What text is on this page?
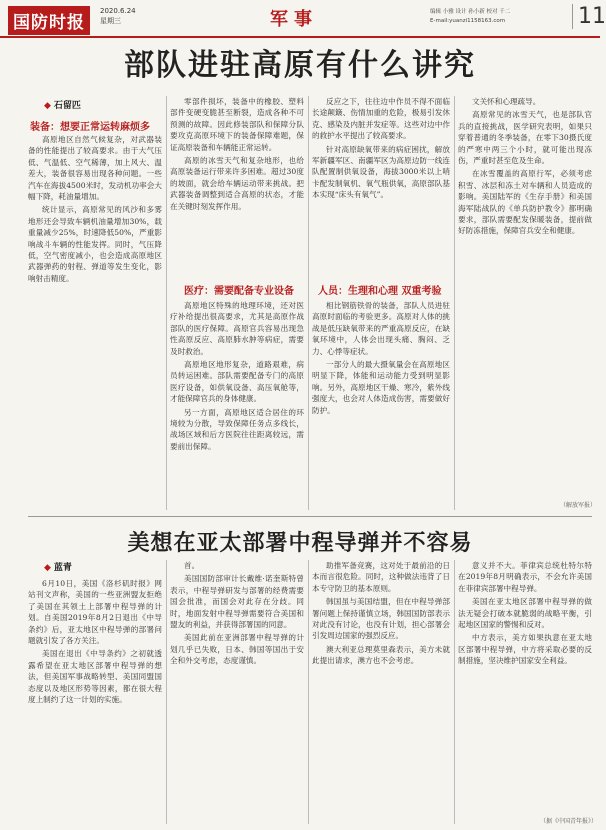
国防时报
2020.6.24
星期三	军事	编辑 小雅 设计 孙小新 校对 千二
E-mail:yuanzi1158163.com	11
部队进驻高原有什么讲究
◆ 石留匹
装备：想要正常运转麻烦多

高原地区自然气候复杂，对武器装备的性能提出了较高要求。由于大气压低、气温低、空气稀薄，加上风大、温差大，装备很容易出现各种问题。一些汽车在海拔4500米时，发动机功率会大幅下降，耗油量增加。

统计显示，高原常见的风沙和多雾地形还会导致车辆机油量增加30%，载重量减少25%，时速降低50%，严重影响战斗车辆的性能发挥。同时，气压降低，空气密度减小，也会造成高原地区武器弹药的射程、弹道等发生变化，影响射击精度。

零部件损坏，装备中的橡胶、塑料部件变硬变脆甚至断裂，造成各种不可预测的故障。因此修装部队和保障分队要攻克高原环境下的装备保障难题，保证高原装备和车辆能正常运转。

高原的冰雪天气和复杂地形，也给高原装备运行带来许多困难。超过30度的坡面，就会给车辆运动带来挑战。把武器装备调整到适合高原的状态，才能在关键时刻发挥作用。

医疗：需要配备专业设备

高原地区特殊的地理环境，还对医疗补给提出很高要求，尤其是高原作战部队的医疗保障。高原官兵容易出现急性高原反应、高原肺水肿等病症，需要及时救治。

高原地区地形复杂，道路艰难，病员转运困难。部队需要配备专门的高原医疗设备，如供氧设备、高压氧舱等，才能保障官兵的身体健康。

另一方面，高原地区适合居住的环境较为分散，导致保障任务点多线长，战场区域和后方医院往往距离较远，需要前出保障。

反应之下，往往边中作员不得不面临长途颠簸、伤情加重的危险，极易引发休克、感染及内脏并发症等。这些对边中作的救护水平提出了较高要求。

针对高原缺氧带来的病症困扰，解放军新疆军区、南疆军区为高原边防一线连队配置制供氧设备，海拔3000米以上哨卡配发制氧机、氧气瓶供氧，高原部队基本实现“床头有氧气”。

人员：生理和心理 双重考验

相比钢筋铁骨的装备，部队人员进驻高原时面临的考验更多。高原对人体的挑战是低压缺氧带来的严重高原反应，在缺氧环境中，人体会出现头痛、胸闷、乏力、心悸等症状。

一部分人的最大摄氧量会在高原地区明显下降，体能和运动能力受到明显影响。另外，高原地区干燥、寒冷，紫外线强度大，也会对人体造成伤害，需要做好防护。

文关怀和心理疏导。

高原常见的冰雪天气，也是部队官兵的直接挑战，医学研究表明，如果只穿着普通的冬季装备，在零下30摄氏度的严寒中两三个小时，就可能出现冻伤，严重时甚至危及生命。

在冰雪覆盖的高原行军，必须考虑积雪、冰层和冻土对车辆和人员造成的影响。美国陆军的《生存手册》和美国海军陆战队的《单兵防护教令》都明确要求，部队需要配发保暖装备，提前做好防冻措施，保障官兵安全和健康。

（解放军报）
美想在亚太部署中程导弹并不容易
◆ 蓝青

6月10日，美国《洛杉矶时报》网站刊文声称，美国的一些亚洲盟友拒绝了美国在其领土上部署中程导弹的计划。自美国2019年8月2日退出《中导条约》后，亚太地区中程导弹的部署问题就引发了各方关注。

美国在退出《中导条约》之初就透露希望在亚太地区部署中程导弹的想法，但美国军事战略转型、美国同盟国态度以及地区形势等因素，都在很大程度上制约了这一计划的实施。

首。

美国国防部审计长戴维·诺奎斯特曾表示，中程导弹研发与部署的经费需要国会批准，而国会对此存在分歧。同时，地面发射中程导弹需要符合美国和盟友的利益，并获得部署国的同意。

美国此前在亚洲部署中程导弹的计划几乎已失败，日本、韩国等国出于安全和外交考虑，态度谨慎。

助推军备竞赛，这对处于最前沿的日本而言很危险。同时，这种做法违背了日本专守防卫的基本原则。

韩国虽与美国结盟，但在中程导弹部署问题上保持谨慎立场，韩国国防部表示对此没有讨论，也没有计划，担心部署会引发周边国家的强烈反应。

澳大利亚总理莫里森表示，美方未就此提出请求，澳方也不会考虑。

意义并不大。菲律宾总统杜特尔特在2019年8月明确表示，不会允许美国在菲律宾部署中程导弹。

美国在亚太地区部署中程导弹的做法无疑会打破本就脆弱的战略平衡，引起地区国家的警惕和反对。

中方表示，美方如果执意在亚太地区部署中程导弹，中方将采取必要的反制措施，坚决维护国家安全利益。

（据《中国青年报》）
